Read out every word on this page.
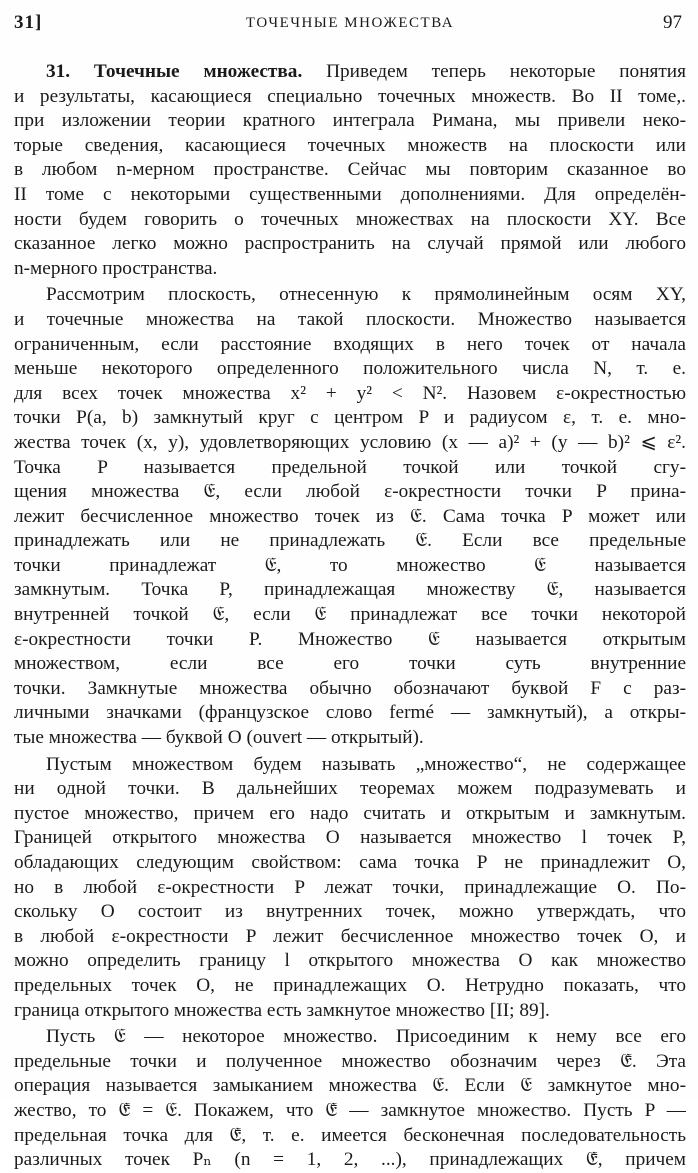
31]	ТОЧЕЧНЫЕ МНОЖЕСТВА	97
31. Точечные множества. Приведем теперь некоторые понятия
и результаты, касающиеся специально точечных множеств. Во II томе,.
при изложении теории кратного интеграла Римана, мы привели неко-
торые сведения, касающиеся точечных множеств на плоскости или
в любом n-мерном пространстве. Сейчас мы повторим сказанное во
II томе с некоторыми существенными дополнениями. Для определён-
ности будем говорить о точечных множествах на плоскости XY. Все
сказанное легко можно распространить на случай прямой или любого
n-мерного пространства.
Рассмотрим плоскость, отнесенную к прямолинейным осям XY,
и точечные множества на такой плоскости. Множество называется
ограниченным, если расстояние входящих в него точек от начала
меньше некоторого определенного положительного числа N, т. е.
для всех точек множества x² + y² < N². Назовем ε-окрестностью
точки P(a, b) замкнутый круг с центром P и радиусом ε, т. е. мно-
жества точек (x, y), удовлетворяющих условию (x — a)² + (y — b)² ⩽ ε².
Точка P называется предельной точкой или точкой сгу-
щения множества 𝔈, если любой ε-окрестности точки P прина-
лежит бесчисленное множество точек из 𝔈. Сама точка P может или
принадлежать или не принадлежать 𝔈. Если все предельные
точки принадлежат 𝔈, то множество 𝔈 называется
замкнутым. Точка P, принадлежащая множеству 𝔈, называется
внутренней точкой 𝔈, если 𝔈 принадлежат все точки некоторой
ε-окрестности точки P. Множество 𝔈 называется открытым
множеством, если все его точки суть внутренние
точки. Замкнутые множества обычно обозначают буквой F с раз-
личными значками (французское слово fermé — замкнутый), а откры-
тые множества — буквой O (ouvert — открытый).
Пустым множеством будем называть „множество“, не содержащее
ни одной точки. В дальнейших теоремах можем подразумевать и
пустое множество, причем его надо считать и открытым и замкнутым.
Границей открытого множества O называется множество l точек P,
обладающих следующим свойством: сама точка P не принадлежит O,
но в любой ε-окрестности P лежат точки, принадлежащие O. По-
скольку O состоит из внутренних точек, можно утверждать, что
в любой ε-окрестности P лежит бесчисленное множество точек O, и
можно определить границу l открытого множества O как множество
предельных точек O, не принадлежащих O. Нетрудно показать, что
граница открытого множества есть замкнутое множество [II; 89].
Пусть 𝔈 — некоторое множество. Присоединим к нему все его
предельные точки и полученное множество обозначим через 𝔈̄. Эта
операция называется замыканием множества 𝔈. Если 𝔈 замкнутое мно-
жество, то 𝔈̄ = 𝔈. Покажем, что 𝔈̄ — замкнутое множество. Пусть P —
предельная точка для 𝔈̄, т. е. имеется бесконечная последовательность
различных точек Pₙ (n = 1, 2, ...), принадлежащих 𝔈̄, причем
